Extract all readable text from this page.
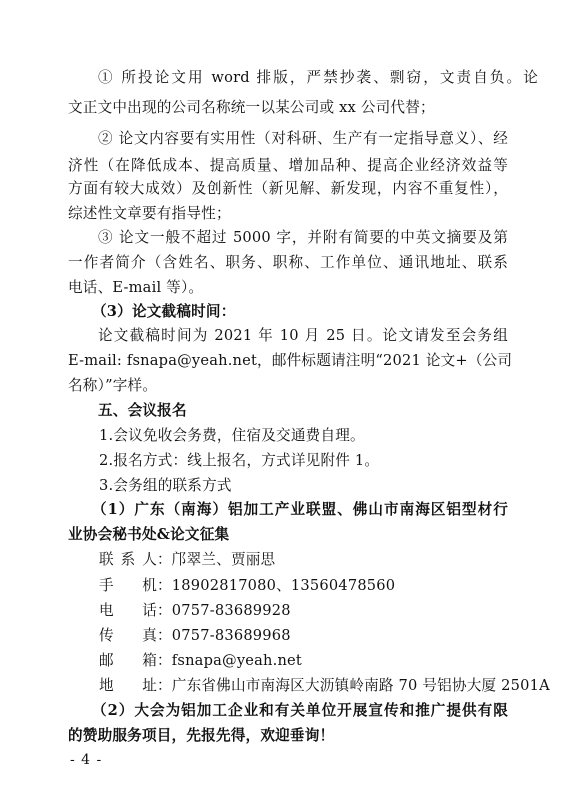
① 所投论文用 word 排版，严禁抄袭、剽窃，文责自负。论
文正文中出现的公司名称统一以某公司或 xx 公司代替；
② 论文内容要有实用性（对科研、生产有一定指导意义）、经
济性（在降低成本、提高质量、增加品种、提高企业经济效益等
方面有较大成效）及创新性（新见解、新发现，内容不重复性），
综述性文章要有指导性；
③ 论文一般不超过 5000 字，并附有简要的中英文摘要及第
一作者简介（含姓名、职务、职称、工作单位、通讯地址、联系
电话、E-mail 等）。
（3）论文截稿时间：
论文截稿时间为 2021 年 10 月 25 日。论文请发至会务组
E-mail: fsnapa@yeah.net，邮件标题请注明“2021 论文+（公司
名称）”字样。
五、会议报名
1.会议免收会务费，住宿及交通费自理。
2.报名方式：线上报名，方式详见附件 1。
3.会务组的联系方式
（1）广东（南海）铝加工产业联盟、佛山市南海区铝型材行
业协会秘书处&论文征集
联系人：邝翠兰、贾丽思
手 机：18902817080、13560478560
电 话：0757-83689928
传 真：0757-83689968
邮 箱：fsnapa@yeah.net
地 址：广东省佛山市南海区大沥镇岭南路 70 号铝协大厦 2501A
（2）大会为铝加工企业和有关单位开展宣传和推广提供有限
的赞助服务项目，先报先得，欢迎垂询！
- 4 -
